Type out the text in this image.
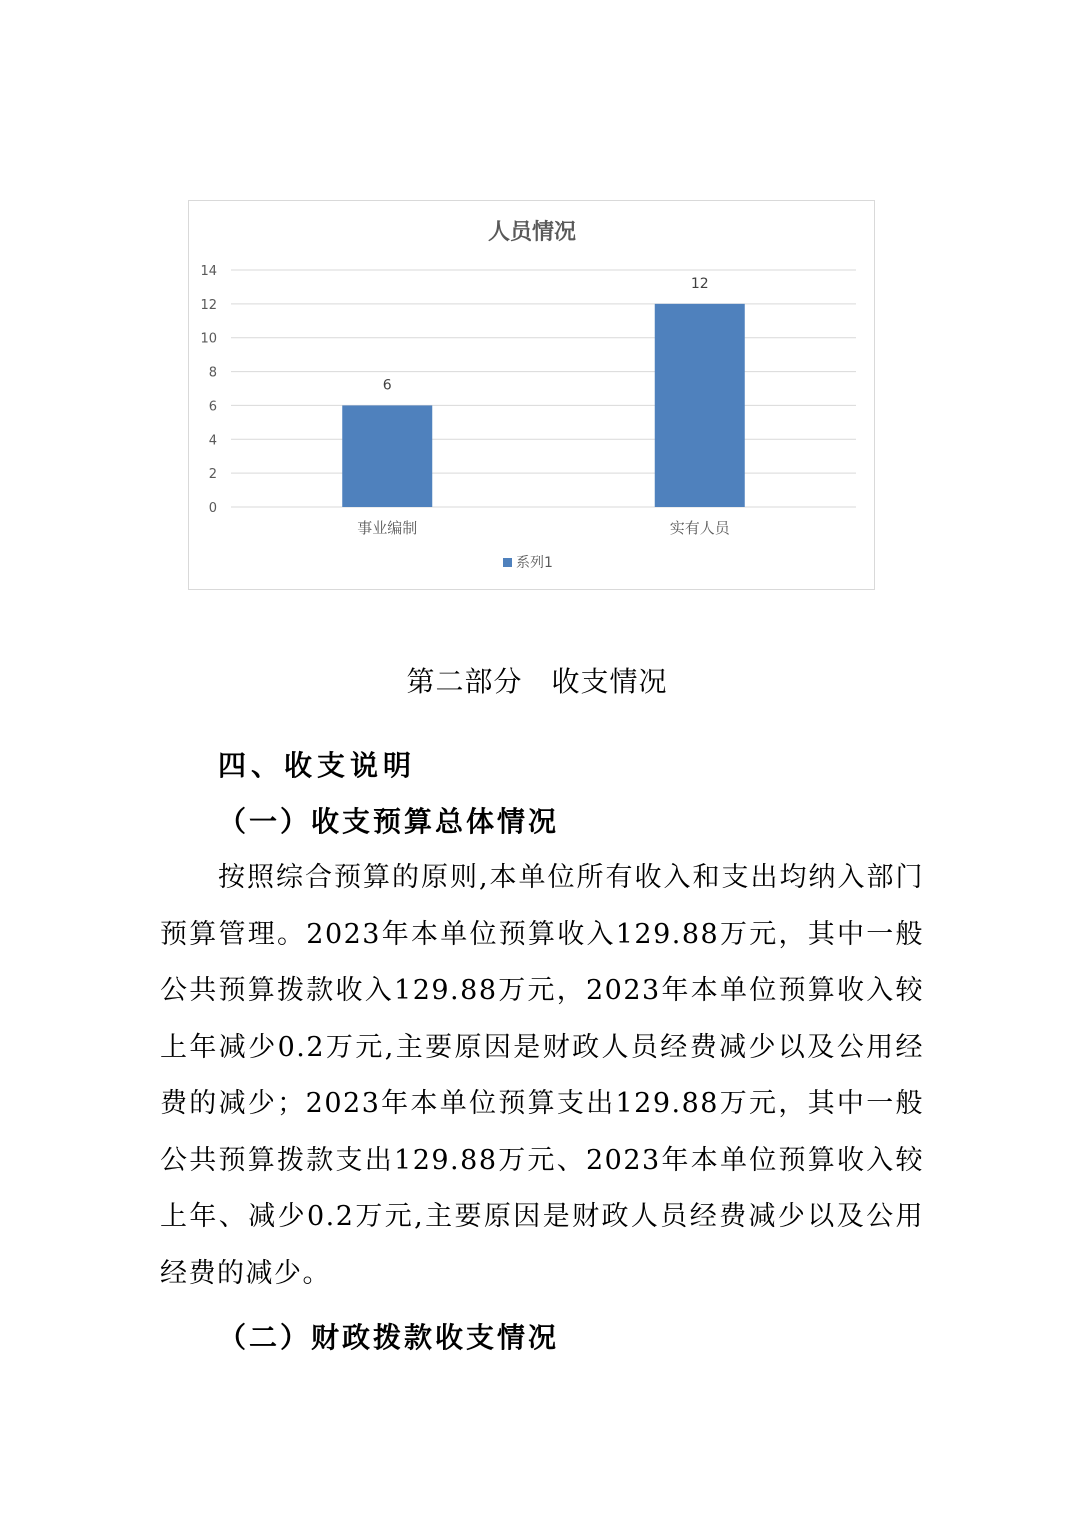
人员情况
0
2
4
6
8
10
12
14
6
12
事业编制	实有人员
系列1
第二部分　收支情况
四、收支说明
（一）收支预算总体情况
按照综合预算的原则,本单位所有收入和支出均纳入部门预算管理。2023年本单位预算收入129.88万元，其中一般公共预算拨款收入129.88万元，2023年本单位预算收入较上年减少0.2万元,主要原因是财政人员经费减少以及公用经费的减少；2023年本单位预算支出129.88万元，其中一般公共预算拨款支出129.88万元、2023年本单位预算收入较上年、减少0.2万元,主要原因是财政人员经费减少以及公用经费的减少。
（二）财政拨款收支情况
